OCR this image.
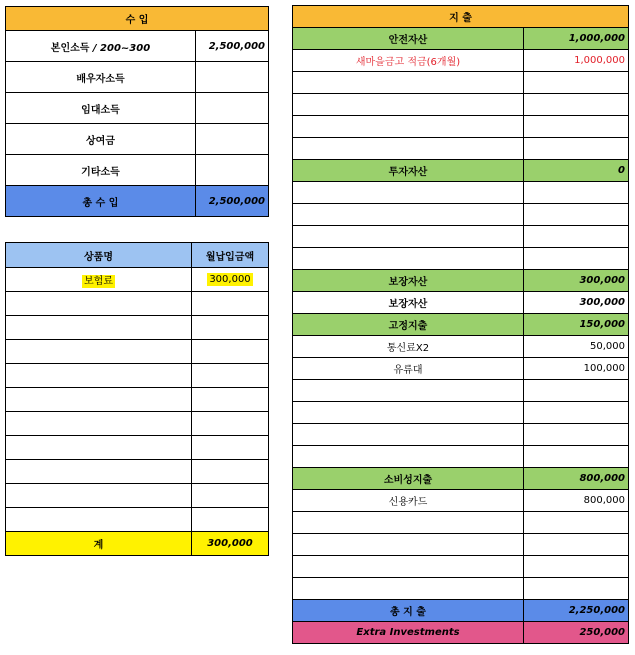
수 입	
본인소득 / 200~300	2,500,000
배우자소득	
임대소득	
상여금	
기타소득	
총 수 입	2,500,000
상품명	월납입금액
보험료	300,000

계	300,000
지 출	
안전자산	1,000,000
새마을금고 적금(6개월)	1,000,000

투자자산	0

보장자산	300,000
보장자산	300,000
고정지출	150,000
통신료X2	50,000
유류대	100,000

소비성지출	800,000
신용카드	800,000

총 지 출	2,250,000
Extra Investments	250,000
